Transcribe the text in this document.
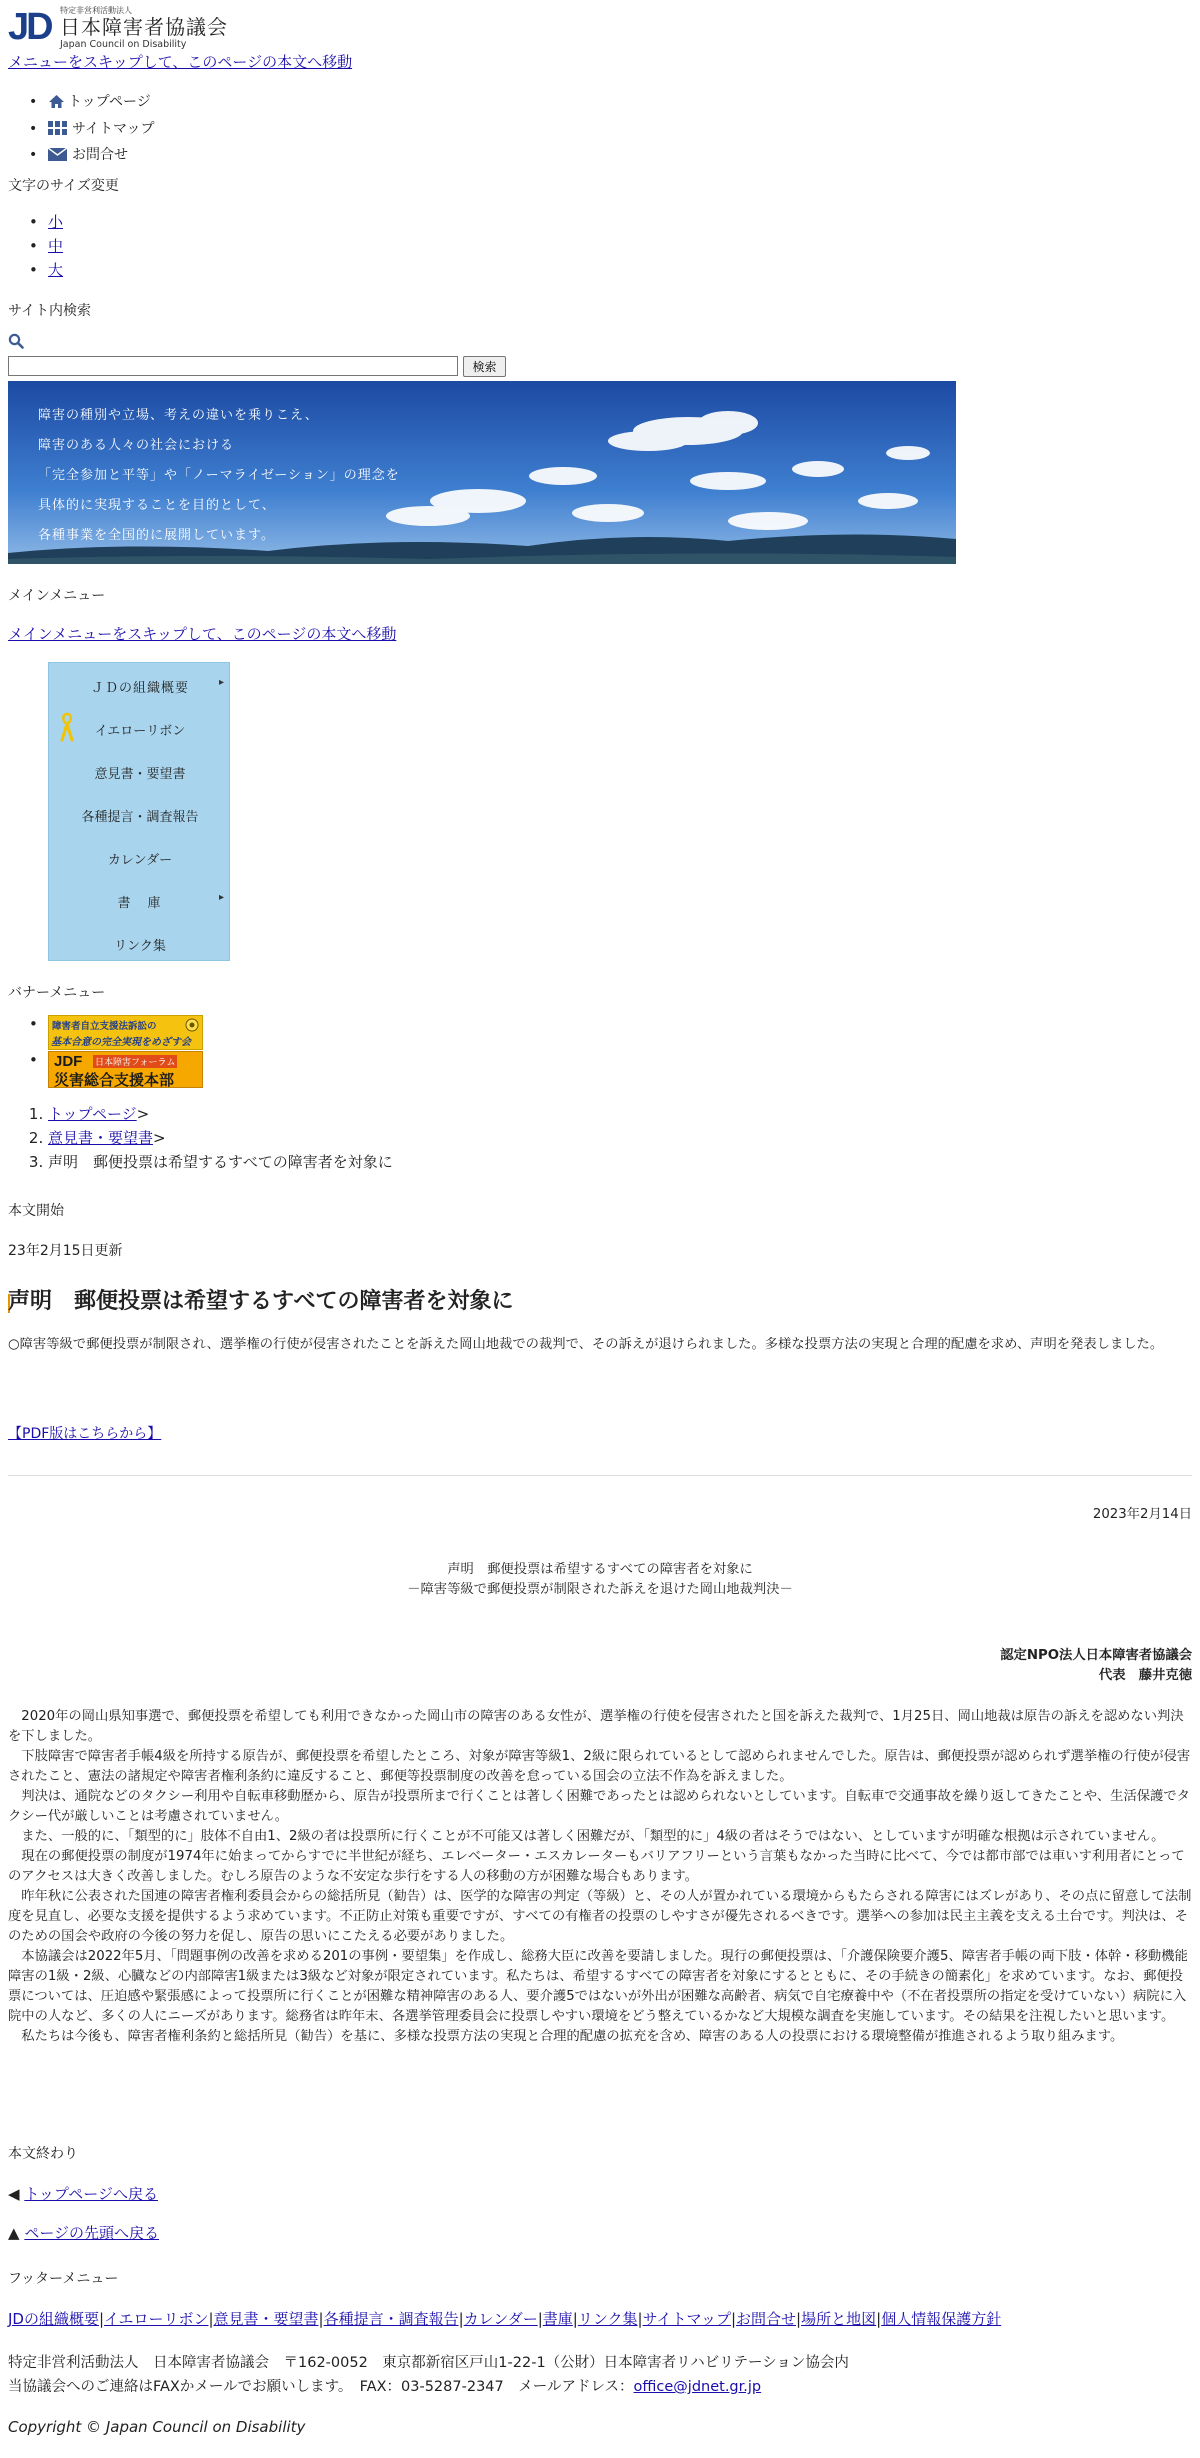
JD 特定非営利活動法人
日本障害者協議会
Japan Council on Disability
メニューをスキップして、このページの本文へ移動
• トップページ
• サイトマップ
• お問合せ
文字のサイズ変更
• 小
• 中
• 大
サイト内検索
検索
障害の種別や立場、考えの違いを乗りこえ、
障害のある人々の社会における
「完全参加と平等」や「ノーマライゼーション」の理念を
具体的に実現することを目的として、
各種事業を全国的に展開しています。
メインメニュー
メインメニューをスキップして、このページの本文へ移動
ＪＤの組織概要	▸
イエローリボン
意見書・要望書
各種提言・調査報告
カレンダー
書　庫	▸
リンク集
バナーメニュー
• 障害者自立支援法訴訟の
基本合意の完全実現をめざす会
• JDF 日本障害フォーラム
災害総合支援本部
1. トップページ>
2. 意見書・要望書>
3. 声明　郵便投票は希望するすべての障害者を対象に
本文開始
23年2月15日更新
声明　郵便投票は希望するすべての障害者を対象に
○障害等級で郵便投票が制限され、選挙権の行使が侵害されたことを訴えた岡山地裁での裁判で、その訴えが退けられました。多様な投票方法の実現と合理的配慮を求め、声明を発表しました。
【PDF版はこちらから】
2023年2月14日
声明　郵便投票は希望するすべての障害者を対象に
－障害等級で郵便投票が制限された訴えを退けた岡山地裁判決－
認定NPO法人日本障害者協議会
代表　藤井克徳
　2020年の岡山県知事選で、郵便投票を希望しても利用できなかった岡山市の障害のある女性が、選挙権の行使を侵害されたと国を訴えた裁判で、1月25日、岡山地裁は原告の訴えを認めない判決を下しました。
　下肢障害で障害者手帳4級を所持する原告が、郵便投票を希望したところ、対象が障害等級1、2級に限られているとして認められませんでした。原告は、郵便投票が認められず選挙権の行使が侵害されたこと、憲法の諸規定や障害者権利条約に違反すること、郵便等投票制度の改善を怠っている国会の立法不作為を訴えました。
　判決は、通院などのタクシー利用や自転車移動歴から、原告が投票所まで行くことは著しく困難であったとは認められないとしています。自転車で交通事故を繰り返してきたことや、生活保護でタクシー代が厳しいことは考慮されていません。
　また、一般的に、「類型的に」肢体不自由1、2級の者は投票所に行くことが不可能又は著しく困難だが、「類型的に」4級の者はそうではない、としていますが明確な根拠は示されていません。
　現在の郵便投票の制度が1974年に始まってからすでに半世紀が経ち、エレベーター・エスカレーターもバリアフリーという言葉もなかった当時に比べて、今では都市部では車いす利用者にとってのアクセスは大きく改善しました。むしろ原告のような不安定な歩行をする人の移動の方が困難な場合もあります。
　昨年秋に公表された国連の障害者権利委員会からの総括所見（勧告）は、医学的な障害の判定（等級）と、その人が置かれている環境からもたらされる障害にはズレがあり、その点に留意して法制度を見直し、必要な支援を提供するよう求めています。不正防止対策も重要ですが、すべての有権者の投票のしやすさが優先されるべきです。選挙への参加は民主主義を支える土台です。判決は、そのための国会や政府の今後の努力を促し、原告の思いにこたえる必要がありました。
　本協議会は2022年5月、「問題事例の改善を求める201の事例・要望集」を作成し、総務大臣に改善を要請しました。現行の郵便投票は、「介護保険要介護5、障害者手帳の両下肢・体幹・移動機能障害の1級・2級、心臓などの内部障害1級または3級など対象が限定されています。私たちは、希望するすべての障害者を対象にするとともに、その手続きの簡素化」を求めています。なお、郵便投票については、圧迫感や緊張感によって投票所に行くことが困難な精神障害のある人、要介護5ではないが外出が困難な高齢者、病気で自宅療養中や（不在者投票所の指定を受けていない）病院に入院中の人など、多くの人にニーズがあります。総務省は昨年末、各選挙管理委員会に投票しやすい環境をどう整えているかなど大規模な調査を実施しています。その結果を注視したいと思います。
　私たちは今後も、障害者権利条約と総括所見（勧告）を基に、多様な投票方法の実現と合理的配慮の拡充を含め、障害のある人の投票における環境整備が推進されるよう取り組みます。
本文終わり
◀ トップページへ戻る
▲ ページの先頭へ戻る
フッターメニュー
JDの組織概要|イエローリボン|意見書・要望書|各種提言・調査報告|カレンダー|書庫|リンク集|サイトマップ|お問合せ|場所と地図|個人情報保護方針
特定非営利活動法人　日本障害者協議会　〒162-0052　東京都新宿区戸山1-22-1（公財）日本障害者リハビリテーション協会内
当協議会へのご連絡はFAXかメールでお願いします。　FAX：03-5287-2347　メールアドレス：office@jdnet.gr.jp
Copyright © Japan Council on Disability
